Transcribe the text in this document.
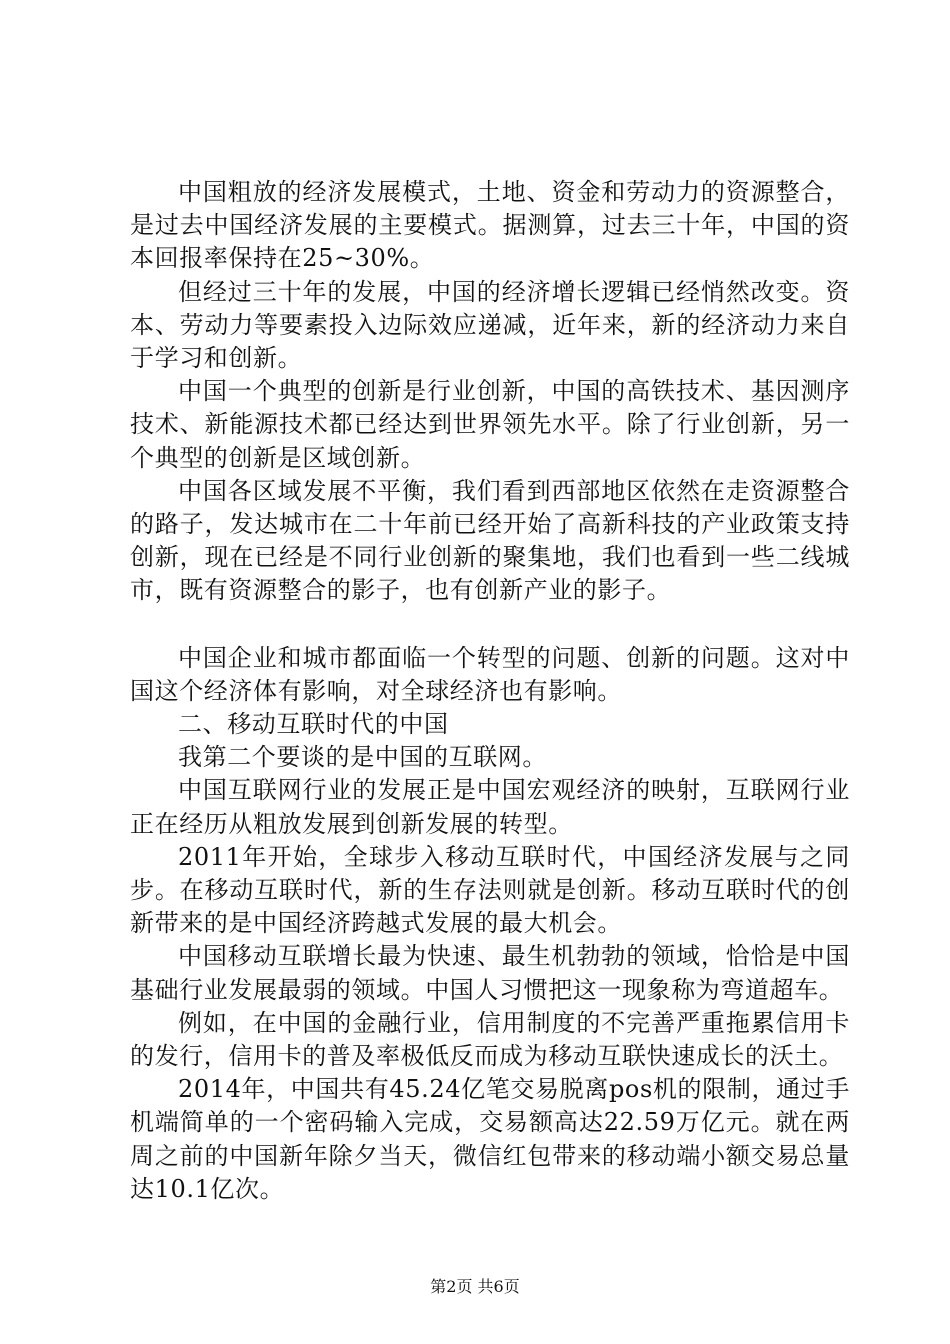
中国粗放的经济发展模式，土地、资金和劳动力的资源整合，是过去中国经济发展的主要模式。据测算，过去三十年，中国的资本回报率保持在25~30%。

但经过三十年的发展，中国的经济增长逻辑已经悄然改变。资本、劳动力等要素投入边际效应递减，近年来，新的经济动力来自于学习和创新。

中国一个典型的创新是行业创新，中国的高铁技术、基因测序技术、新能源技术都已经达到世界领先水平。除了行业创新，另一个典型的创新是区域创新。

中国各区域发展不平衡，我们看到西部地区依然在走资源整合的路子，发达城市在二十年前已经开始了高新科技的产业政策支持创新，现在已经是不同行业创新的聚集地，我们也看到一些二线城市，既有资源整合的影子，也有创新产业的影子。

中国企业和城市都面临一个转型的问题、创新的问题。这对中国这个经济体有影响，对全球经济也有影响。

二、移动互联时代的中国

我第二个要谈的是中国的互联网。

中国互联网行业的发展正是中国宏观经济的映射，互联网行业正在经历从粗放发展到创新发展的转型。

2011年开始，全球步入移动互联时代，中国经济发展与之同步。在移动互联时代，新的生存法则就是创新。移动互联时代的创新带来的是中国经济跨越式发展的最大机会。

中国移动互联增长最为快速、最生机勃勃的领域，恰恰是中国基础行业发展最弱的领域。中国人习惯把这一现象称为弯道超车。

例如，在中国的金融行业，信用制度的不完善严重拖累信用卡的发行，信用卡的普及率极低反而成为移动互联快速成长的沃土。

2014年，中国共有45.24亿笔交易脱离pos机的限制，通过手机端简单的一个密码输入完成，交易额高达22.59万亿元。就在两周之前的中国新年除夕当天，微信红包带来的移动端小额交易总量达10.1亿次。

第2页 共6页
